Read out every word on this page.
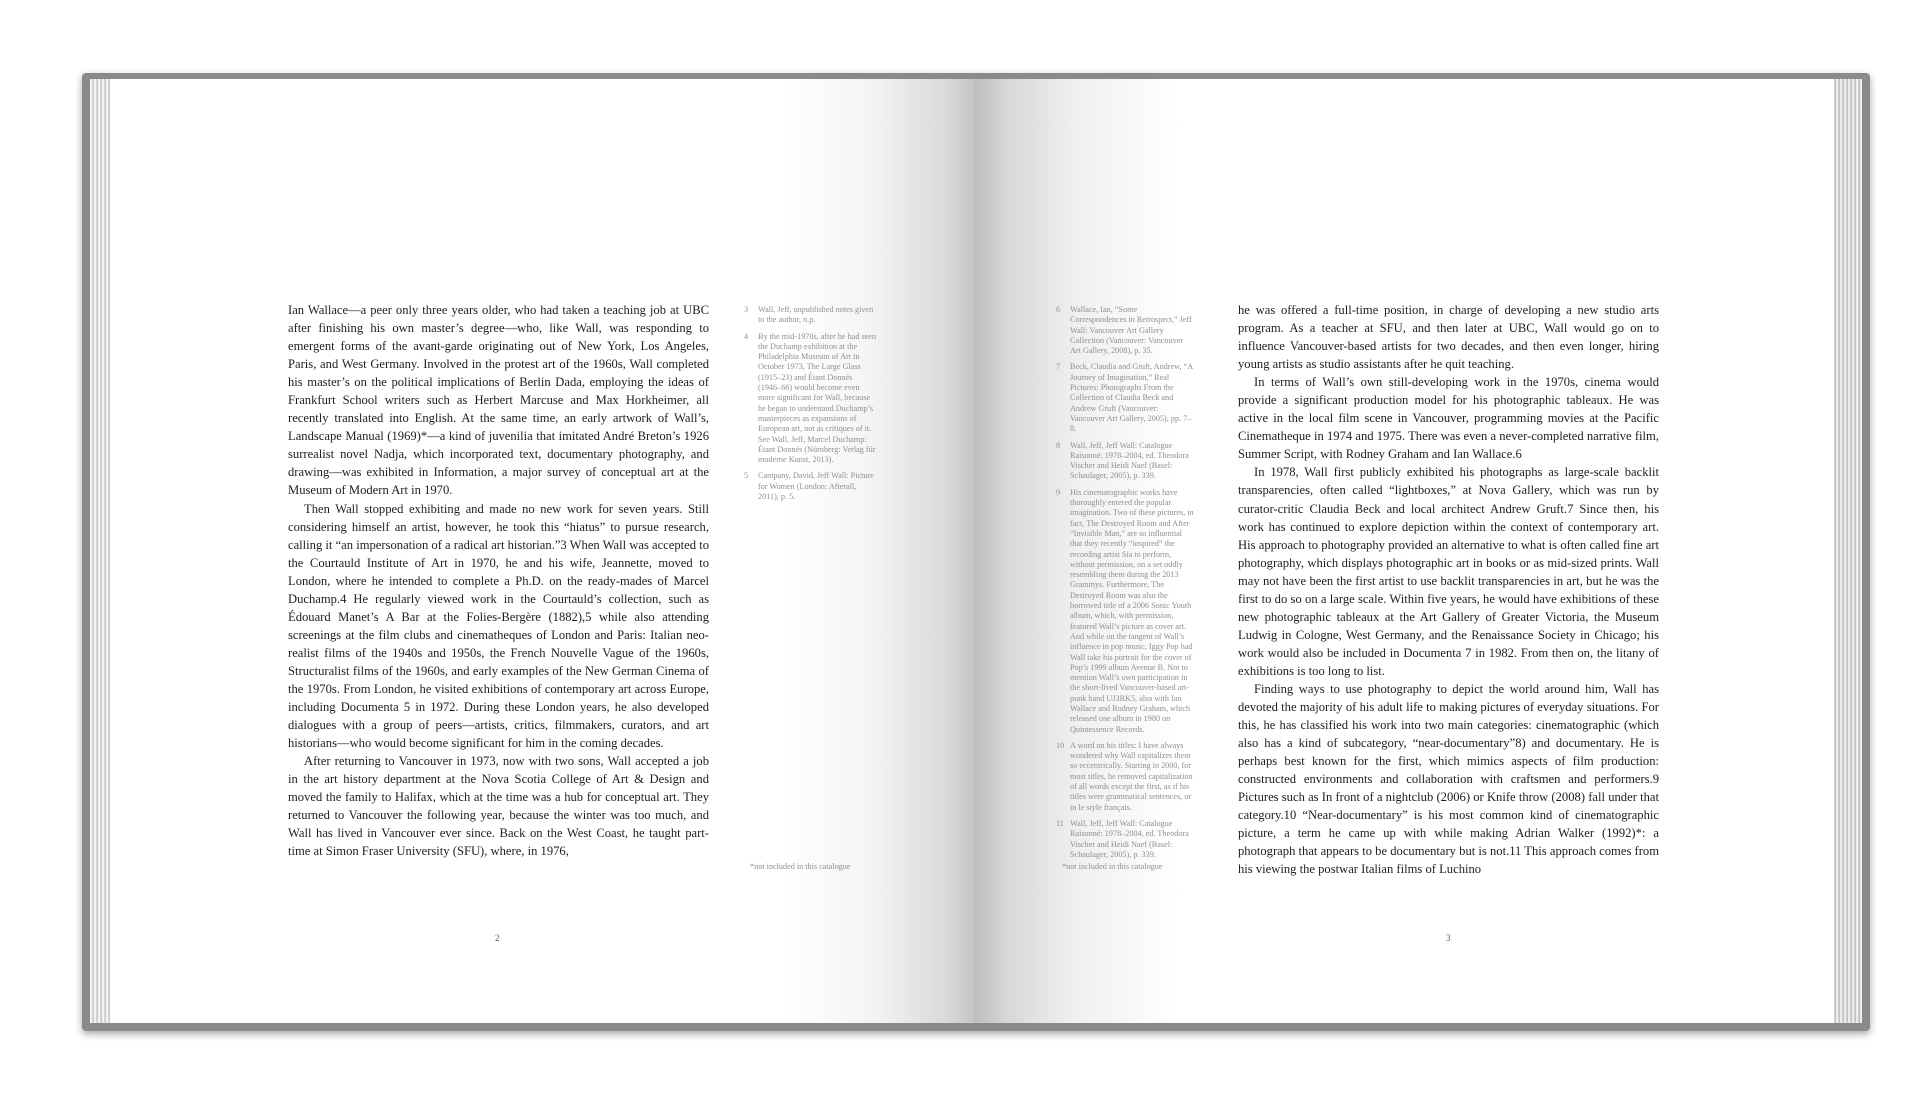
Ian Wallace—a peer only three years older, who had taken a teaching job at UBC after finishing his own master’s degree—who, like Wall, was responding to emergent forms of the avant-garde originating out of New York, Los Angeles, Paris, and West Germany. Involved in the protest art of the 1960s, Wall completed his master’s on the political implications of Berlin Dada, employing the ideas of Frankfurt School writers such as Herbert Marcuse and Max Horkheimer, all recently translated into English. At the same time, an early artwork of Wall’s, Landscape Manual (1969)*—a kind of juvenilia that imitated André Breton’s 1926 surrealist novel Nadja, which incorporated text, documentary photography, and drawing—was exhibited in Information, a major survey of conceptual art at the Museum of Modern Art in 1970.

Then Wall stopped exhibiting and made no new work for seven years. Still considering himself an artist, however, he took this “hiatus” to pursue research, calling it “an impersonation of a radical art historian.”3 When Wall was accepted to the Courtauld Institute of Art in 1970, he and his wife, Jeannette, moved to London, where he intended to complete a Ph.D. on the ready-mades of Marcel Duchamp.4 He regularly viewed work in the Courtauld’s collection, such as Édouard Manet’s A Bar at the Folies-Bergère (1882),5 while also attending screenings at the film clubs and cinematheques of London and Paris: Italian neo-realist films of the 1940s and 1950s, the French Nouvelle Vague of the 1960s, Structuralist films of the 1960s, and early examples of the New German Cinema of the 1970s. From London, he visited exhibitions of contemporary art across Europe, including Documenta 5 in 1972. During these London years, he also developed dialogues with a group of peers—artists, critics, filmmakers, curators, and art historians—who would become significant for him in the coming decades.

After returning to Vancouver in 1973, now with two sons, Wall accepted a job in the art history department at the Nova Scotia College of Art & Design and moved the family to Halifax, which at the time was a hub for conceptual art. They returned to Vancouver the following year, because the winter was too much, and Wall has lived in Vancouver ever since. Back on the West Coast, he taught part-time at Simon Fraser University (SFU), where, in 1976,

3 Wall, Jeff, unpublished notes given to the author, n.p.
4 By the mid-1970s, after he had seen the Duchamp exhibition at the Philadelphia Museum of Art in October 1973, The Large Glass (1915–23) and Étant Donnés (1946–66) would become even more significant for Wall, because he began to understand Duchamp’s masterpieces as expansions of European art, not as critiques of it. See Wall, Jeff, Marcel Duchamp: Étant Donnés (Nürnberg: Verlag für moderne Kunst, 2013).
5 Campany, David, Jeff Wall: Picture for Women (London: Afterall, 2011), p. 5.
*not included in this catalogue
2
6 Wallace, Ian, “Some Correspondences in Retrospect,” Jeff Wall: Vancouver Art Gallery Collection (Vancouver: Vancouver Art Gallery, 2008), p. 35.
7 Beck, Claudia and Gruft, Andrew, “A Journey of Imagination,” Real Pictures: Photographs From the Collection of Claudia Beck and Andrew Gruft (Vancouver: Vancouver Art Gallery, 2005), pp. 7–8.
8 Wall, Jeff, Jeff Wall: Catalogue Raisonné: 1978–2004, ed. Theodora Vischer and Heidi Naef (Basel: Schaulager, 2005), p. 339.
9 His cinematographic works have thoroughly entered the popular imagination. Two of these pictures, in fact, The Destroyed Room and After “Invisible Man,” are so influential that they recently “inspired” the recording artist Sia to perform, without permission, on a set oddly resembling them during the 2013 Grammys. Furthermore, The Destroyed Room was also the borrowed title of a 2006 Sonic Youth album, which, with permission, featured Wall’s picture as cover art. And while on the tangent of Wall’s influence in pop music, Iggy Pop had Wall take his portrait for the cover of Pop’s 1999 album Avenue B. Not to mention Wall’s own participation in the short-lived Vancouver-based art-punk band UJ3RK5, also with Ian Wallace and Rodney Graham, which released one album in 1980 on Quintessence Records.
10 A word on his titles: I have always wondered why Wall capitalizes them so eccentrically. Starting in 2000, for most titles, he removed capitalization of all words except the first, as if his titles were grammatical sentences, or in le style français.
11 Wall, Jeff, Jeff Wall: Catalogue Raisonné: 1978–2004, ed. Theodora Vischer and Heidi Naef (Basel: Schaulager, 2005), p. 339.
*not included in this catalogue

he was offered a full-time position, in charge of developing a new studio arts program. As a teacher at SFU, and then later at UBC, Wall would go on to influence Vancouver-based artists for two decades, and then even longer, hiring young artists as studio assistants after he quit teaching.

In terms of Wall’s own still-developing work in the 1970s, cinema would provide a significant production model for his photographic tableaux. He was active in the local film scene in Vancouver, programming movies at the Pacific Cinematheque in 1974 and 1975. There was even a never-completed narrative film, Summer Script, with Rodney Graham and Ian Wallace.6

In 1978, Wall first publicly exhibited his photographs as large-scale backlit transparencies, often called “lightboxes,” at Nova Gallery, which was run by curator-critic Claudia Beck and local architect Andrew Gruft.7 Since then, his work has continued to explore depiction within the context of contemporary art. His approach to photography provided an alternative to what is often called fine art photography, which displays photographic art in books or as mid-sized prints. Wall may not have been the first artist to use backlit transparencies in art, but he was the first to do so on a large scale. Within five years, he would have exhibitions of these new photographic tableaux at the Art Gallery of Greater Victoria, the Museum Ludwig in Cologne, West Germany, and the Renaissance Society in Chicago; his work would also be included in Documenta 7 in 1982. From then on, the litany of exhibitions is too long to list.

Finding ways to use photography to depict the world around him, Wall has devoted the majority of his adult life to making pictures of everyday situations. For this, he has classified his work into two main categories: cinematographic (which also has a kind of subcategory, “near-documentary”8) and documentary. He is perhaps best known for the first, which mimics aspects of film production: constructed environments and collaboration with craftsmen and performers.9 Pictures such as In front of a nightclub (2006) or Knife throw (2008) fall under that category.10 “Near-documentary” is his most common kind of cinematographic picture, a term he came up with while making Adrian Walker (1992)*: a photograph that appears to be documentary but is not.11 This approach comes from his viewing the postwar Italian films of Luchino

3
